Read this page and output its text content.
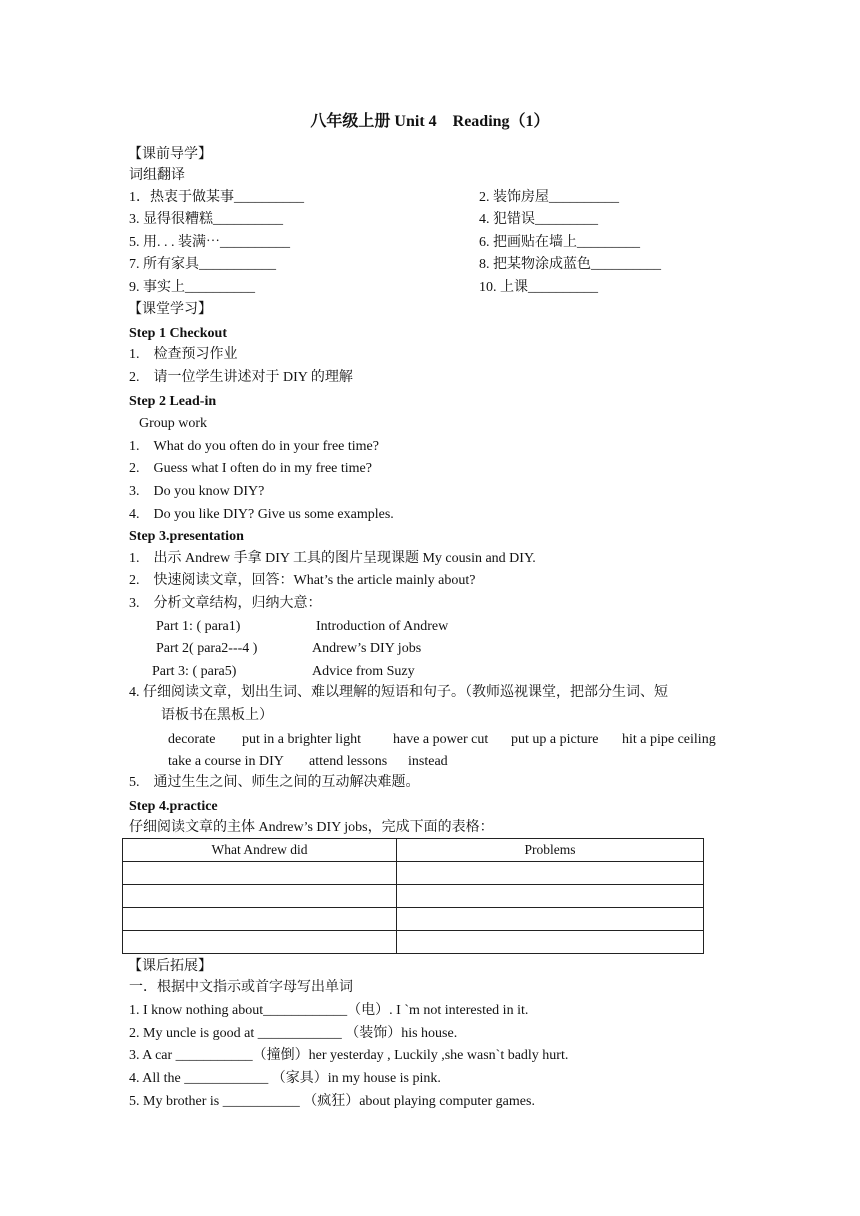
八年级上册 Unit 4　Reading（1）
【课前导学】
词组翻译
1．热衷于做某事__________	2. 装饰房屋__________
3. 显得很糟糕__________	4. 犯错误_________
5. 用. . . 装满⋯__________	6. 把画贴在墙上_________
7. 所有家具___________	8. 把某物涂成蓝色__________
9. 事实上__________	10. 上课__________
【课堂学习】
Step 1 Checkout
1.　检查预习作业
2.　请一位学生讲述对于 DIY 的理解
Step 2 Lead-in
Group work
1.　What do you often do in your free time?
2.　Guess what I often do in my free time?
3.　Do you know DIY?
4.　Do you like DIY? Give us some examples.
Step 3.presentation
1.　出示 Andrew 手拿 DIY 工具的图片呈现课题 My cousin and DIY.
2.　快速阅读文章，回答：What’s the article mainly about?
3.　分析文章结构，归纳大意：
Part 1: ( para1)	Introduction of Andrew
Part 2( para2---4 )	Andrew’s DIY jobs
Part 3: ( para5)	Advice from Suzy
4. 仔细阅读文章，划出生词、难以理解的短语和句子。（教师巡视课堂，把部分生词、短
语板书在黑板上）
decorate put in a brighter light have a power cut put up a picture hit a pipe ceiling
take a course in DIY attend lessons instead
5.　通过生生之间、师生之间的互动解决难题。
Step 4.practice
仔细阅读文章的主体 Andrew’s DIY jobs，完成下面的表格：
What Andrew did	Problems

【课后拓展】
一．根据中文指示或首字母写出单词
1. I know nothing about____________（电）. I `m not interested in it.
2. My uncle is good at ____________ （装饰）his house.
3. A car ___________（撞倒）her yesterday , Luckily ,she wasn`t badly hurt.
4. All the ____________ （家具）in my house is pink.
5. My brother is ___________ （疯狂）about playing computer games.
